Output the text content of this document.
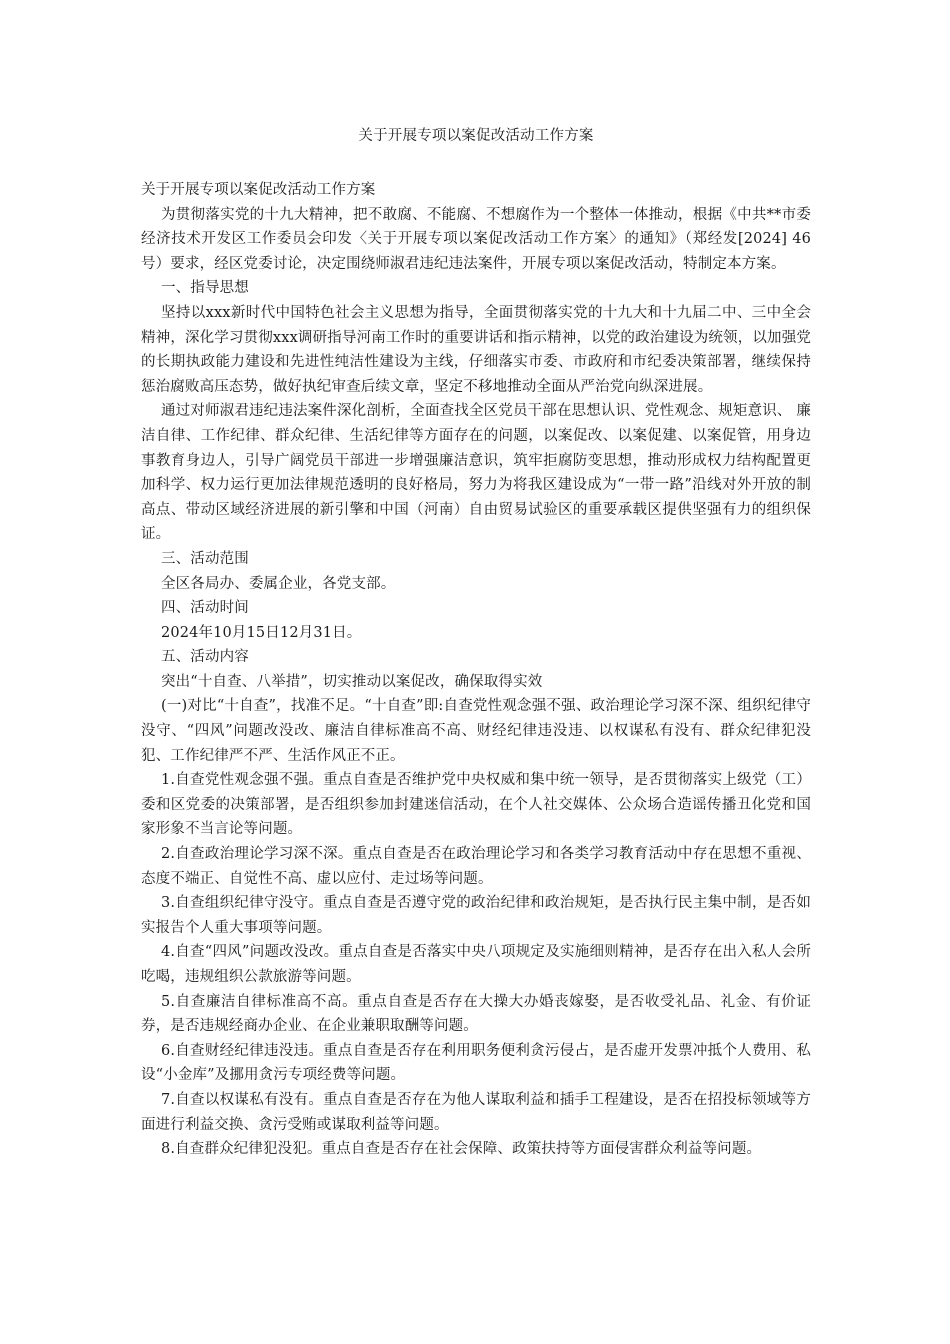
关于开展专项以案促改活动工作方案

关于开展专项以案促改活动工作方案

为贯彻落实党的十九大精神，把不敢腐、不能腐、不想腐作为一个整体一体推动，根据《中共**市委经济技术开发区工作委员会印发〈关于开展专项以案促改活动工作方案〉的通知》（郑经发[2024] 46号）要求，经区党委讨论，决定围绕师淑君违纪违法案件，开展专项以案促改活动，特制定本方案。

一、指导思想

坚持以xxx新时代中国特色社会主义思想为指导，全面贯彻落实党的十九大和十九届二中、三中全会精神，深化学习贯彻xxx调研指导河南工作时的重要讲话和指示精神，以党的政治建设为统领，以加强党的长期执政能力建设和先进性纯洁性建设为主线，仔细落实市委、市政府和市纪委决策部署，继续保持惩治腐败高压态势，做好执纪审查后续文章，坚定不移地推动全面从严治党向纵深进展。

通过对师淑君违纪违法案件深化剖析，全面查找全区党员干部在思想认识、党性观念、规矩意识、 廉洁自律、工作纪律、群众纪律、生活纪律等方面存在的问题，以案促改、以案促建、以案促管，用身边事教育身边人，引导广阔党员干部进一步增强廉洁意识，筑牢拒腐防变思想，推动形成权力结构配置更加科学、权力运行更加法律规范透明的良好格局，努力为将我区建设成为“一带一路”沿线对外开放的制高点、带动区域经济进展的新引擎和中国（河南）自由贸易试验区的重要承载区提供坚强有力的组织保证。

三、活动范围

全区各局办、委属企业，各党支部。

四、活动时间

2024年10月15日12月31日。

五、活动内容

突出“十自查、八举措”，切实推动以案促改，确保取得实效

(一)对比“十自查”，找准不足。“十自查”即:自查党性观念强不强、政治理论学习深不深、组织纪律守没守、“四风”问题改没改、廉洁自律标准高不高、财经纪律违没违、以权谋私有没有、群众纪律犯没犯、工作纪律严不严、生活作风正不正。

1.自查党性观念强不强。重点自查是否维护党中央权威和集中统一领导，是否贯彻落实上级党（工）委和区党委的决策部署，是否组织参加封建迷信活动，在个人社交媒体、公众场合造谣传播丑化党和国家形象不当言论等问题。

2.自查政治理论学习深不深。重点自查是否在政治理论学习和各类学习教育活动中存在思想不重视、态度不端正、自觉性不高、虚以应付、走过场等问题。

3.自查组织纪律守没守。重点自查是否遵守党的政治纪律和政治规矩，是否执行民主集中制，是否如实报告个人重大事项等问题。

4.自查“四风”问题改没改。重点自查是否落实中央八项规定及实施细则精神，是否存在出入私人会所吃喝，违规组织公款旅游等问题。

5.自查廉洁自律标准高不高。重点自查是否存在大操大办婚丧嫁娶，是否收受礼品、礼金、有价证券，是否违规经商办企业、在企业兼职取酬等问题。

6.自查财经纪律违没违。重点自查是否存在利用职务便利贪污侵占，是否虚开发票冲抵个人费用、私设“小金库”及挪用贪污专项经费等问题。

7.自查以权谋私有没有。重点自查是否存在为他人谋取利益和插手工程建设，是否在招投标领域等方面进行利益交换、贪污受贿或谋取利益等问题。

8.自查群众纪律犯没犯。重点自查是否存在社会保障、政策扶持等方面侵害群众利益等问题。
